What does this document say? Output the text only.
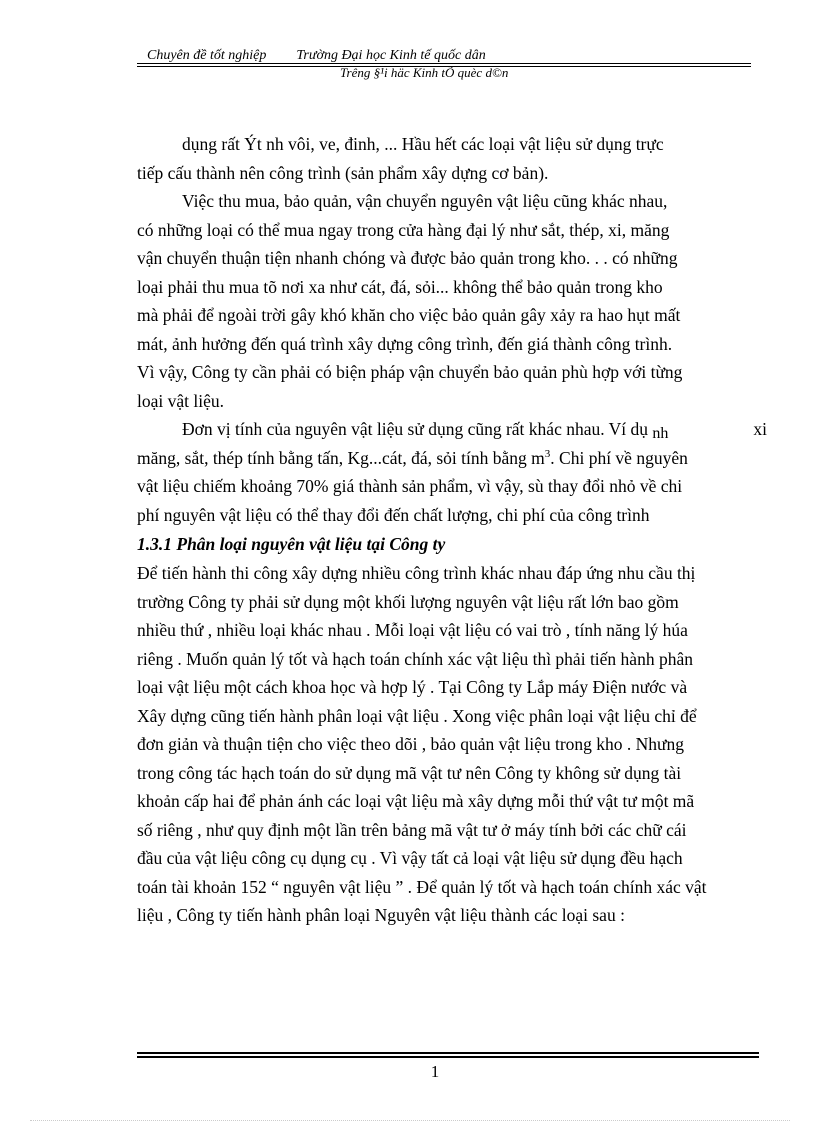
Chuyên đề tốt nghiệp Trường Đại học Kinh tế quốc dân
Trêng §¹i häc Kinh tÕ quèc d©n
dụng rất Ýt nh vôi, ve, đinh, ... Hầu hết các loại vật liệu sử dụng trực
tiếp cấu thành nên công trình (sản phẩm xây dựng cơ bản).
Việc thu mua, bảo quản, vận chuyển nguyên vật liệu cũng khác nhau,
có những loại có thể mua ngay trong cửa hàng đại lý như sắt, thép, xi, măng
vận chuyển thuận tiện nhanh chóng và được bảo quản trong kho. . . có những
loại phải thu mua tõ nơi xa như cát, đá, sỏi... không thể bảo quản trong kho
mà phải để ngoài trời gây khó khăn cho việc bảo quản gây xảy ra hao hụt mất
mát, ảnh hưởng đến quá trình xây dựng công trình, đến giá thành công trình.
Vì vậy, Công ty cần phải có biện pháp vận chuyển bảo quản phù hợp với từng
loại vật liệu.
Đơn vị tính của nguyên vật liệu sử dụng cũng rất khác nhau. Ví dụ nh	xi
măng, sắt, thép tính bằng tấn, Kg...cát, đá, sỏi tính bằng $m^3$. Chi phí về nguyên
vật liệu chiếm khoảng 70% giá thành sản phẩm, vì vậy, sù thay đổi nhỏ về chi
phí nguyên vật liệu có thể thay đổi đến chất lượng, chi phí của công trình
1.3.1 Phân loại nguyên vật liệu tại Công ty
Để tiến hành thi công xây dựng nhiều công trình khác nhau đáp ứng nhu cầu thị
trường Công ty phải sử dụng một khối lượng nguyên vật liệu rất lớn bao gồm
nhiều thứ , nhiều loại khác nhau . Mỗi loại vật liệu có vai trò , tính năng lý húa
riêng . Muốn quản lý tốt và hạch toán chính xác vật liệu thì phải tiến hành phân
loại vật liệu một cách khoa học và hợp lý . Tại Công ty Lắp máy Điện nước và
Xây dựng cũng tiến hành phân loại vật liệu . Xong việc phân loại vật liệu chỉ để
đơn giản và thuận tiện cho việc theo dõi , bảo quản vật liệu trong kho . Nhưng
trong công tác hạch toán do sử dụng mã vật tư nên Công ty không sử dụng tài
khoản cấp hai để phản ánh các loại vật liệu mà xây dựng mỗi thứ vật tư một mã
số riêng , như quy định một lần trên bảng mã vật tư ở máy tính bởi các chữ cái
đầu của vật liệu công cụ dụng cụ . Vì vậy tất cả loại vật liệu sử dụng đều hạch
toán tài khoản 152 “ nguyên vật liệu ” . Để quản lý tốt và hạch toán chính xác vật
liệu , Công ty tiến hành phân loại Nguyên vật liệu thành các loại sau :
1
